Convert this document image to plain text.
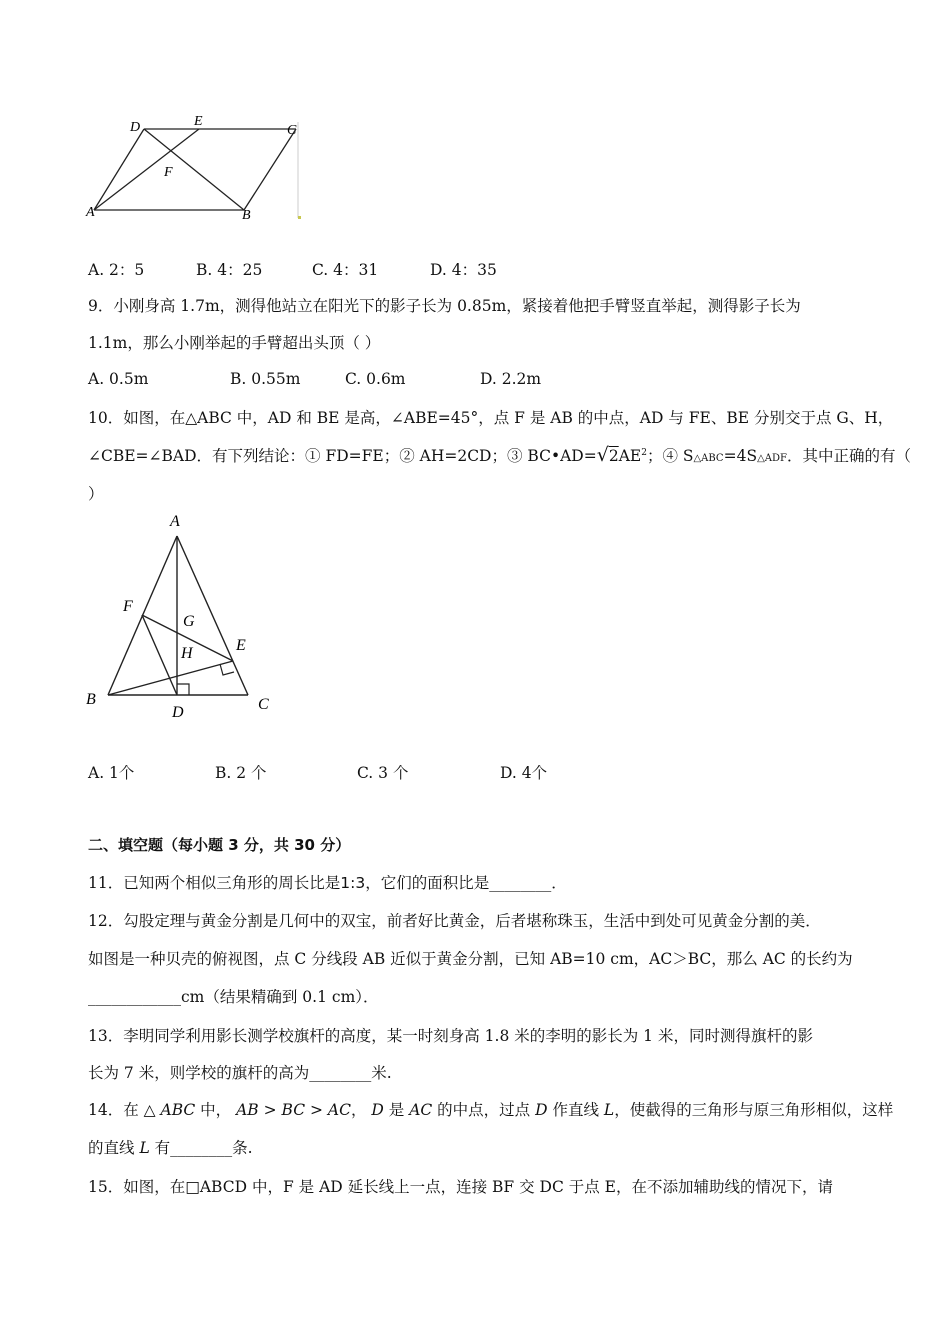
D	E
C
F
A	B
A. 2：5	B. 4：25	C. 4：31	D. 4：35
9．小刚身高 1.7m，测得他站立在阳光下的影子长为 0.85m，紧接着他把手臂竖直举起，测得影子长为
1.1m，那么小刚举起的手臂超出头顶（ ）
A. 0.5m	B. 0.55m	C. 0.6m	D. 2.2m
10．如图，在△ABC 中，AD 和 BE 是高，∠ABE=45°，点 F 是 AB 的中点，AD 与 FE、BE 分别交于点 G、H，
∠CBE=∠BAD．有下列结论：① FD=FE；② AH=2CD；③ $BC•AD=√2AE^2$；④ S△ABC=4S△ADF．其中正确的有（
）
A
F
G
E
H
B
D	C
A. 1个	B. 2 个	C. 3 个	D. 4个
二、填空题（每小题 3 分，共 30 分）
11．已知两个相似三角形的周长比是1:3，它们的面积比是________．
12．勾股定理与黄金分割是几何中的双宝，前者好比黄金，后者堪称珠玉，生活中到处可见黄金分割的美．
如图是一种贝壳的俯视图，点 C 分线段 AB 近似于黄金分割，已知 AB=10 cm，AC＞BC，那么 AC 的长约为
____________cm（结果精确到 0.1 cm）．
13．李明同学利用影长测学校旗杆的高度，某一时刻身高 1.8 米的李明的影长为 1 米，同时测得旗杆的影
长为 7 米，则学校的旗杆的高为________米.
14．在 △ ABC 中， AB > BC > AC， D 是 AC 的中点，过点 D 作直线 L，使截得的三角形与原三角形相似，这样
的直线 L 有________条.
15．如图，在□ABCD 中，F 是 AD 延长线上一点，连接 BF 交 DC 于点 E，在不添加辅助线的情况下，请
